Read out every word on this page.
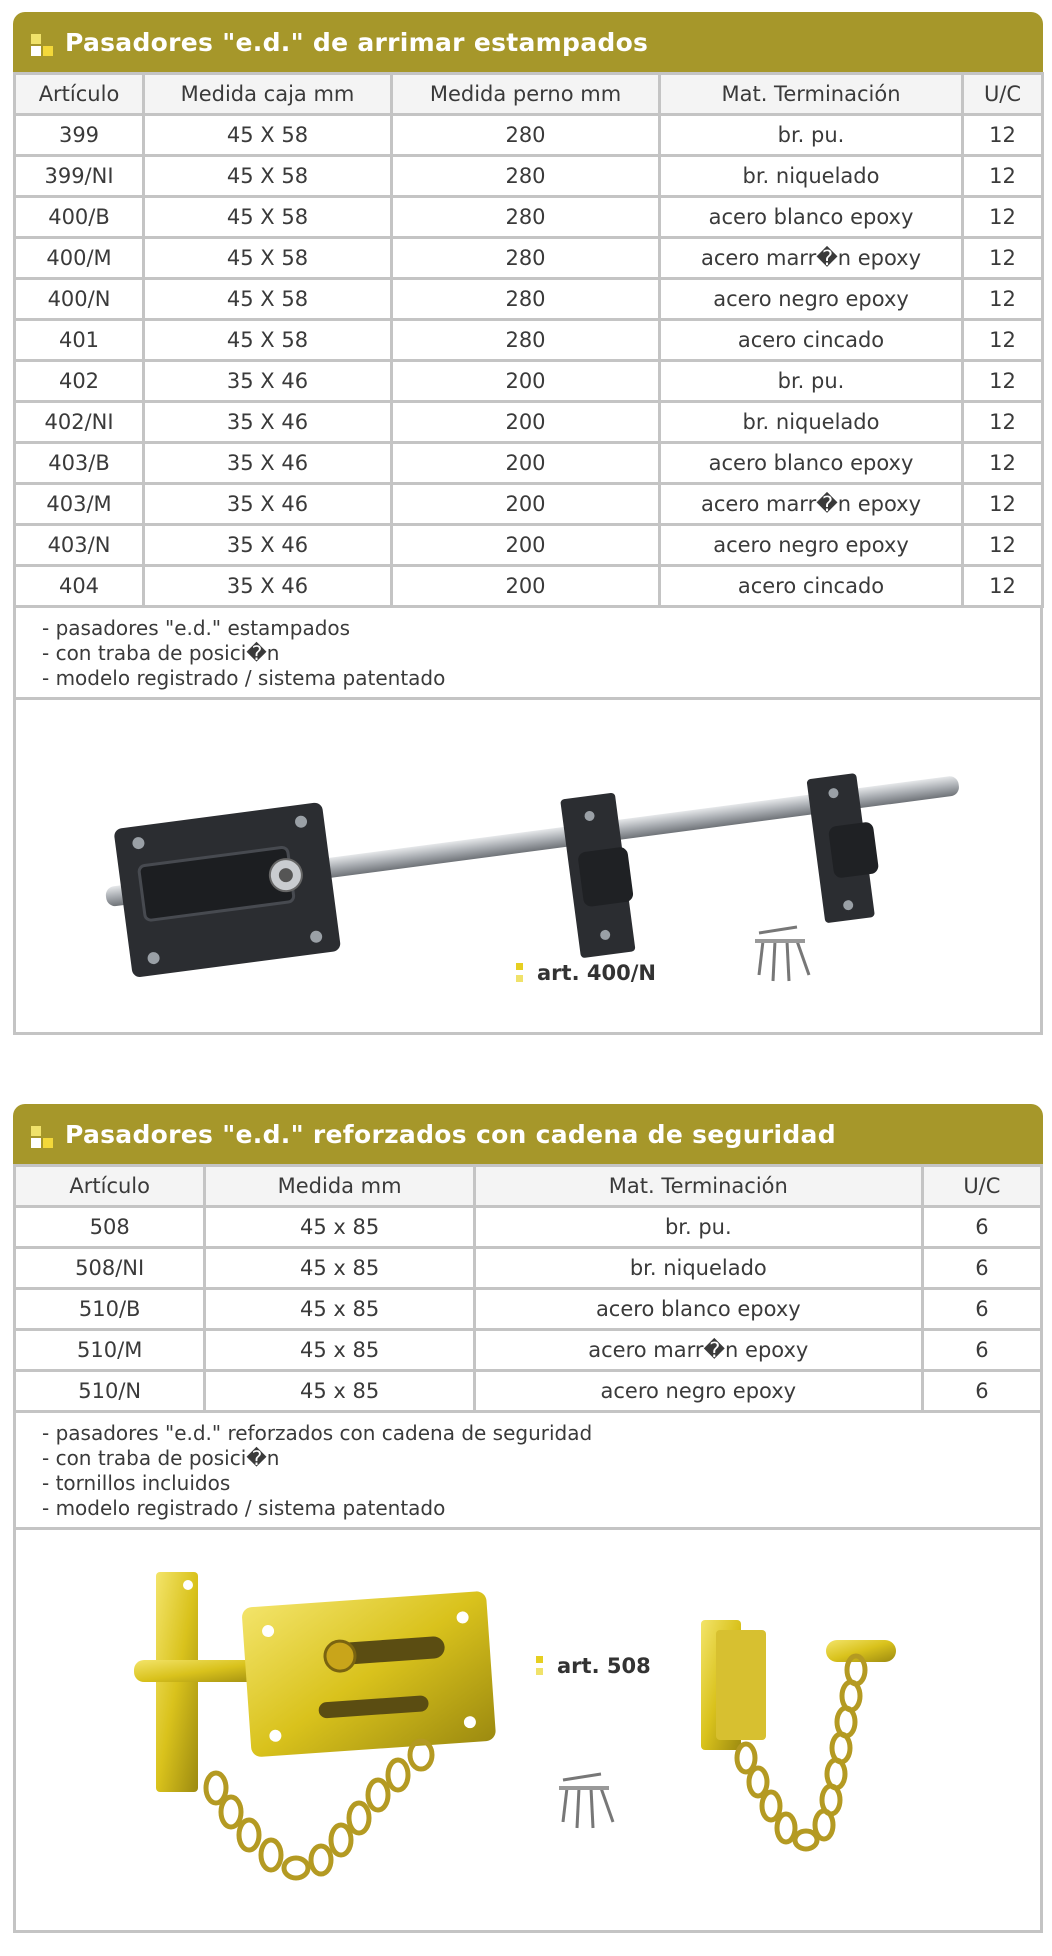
Pasadores "e.d." de arrimar estampados
Artículo	Medida caja mm	Medida perno mm	Mat. Terminación	U/C
399	45 X 58	280	br. pu.	12
399/NI	45 X 58	280	br. niquelado	12
400/B	45 X 58	280	acero blanco epoxy	12
400/M	45 X 58	280	acero marr�n epoxy	12
400/N	45 X 58	280	acero negro epoxy	12
401	45 X 58	280	acero cincado	12
402	35 X 46	200	br. pu.	12
402/NI	35 X 46	200	br. niquelado	12
403/B	35 X 46	200	acero blanco epoxy	12
403/M	35 X 46	200	acero marr�n epoxy	12
403/N	35 X 46	200	acero negro epoxy	12
404	35 X 46	200	acero cincado	12
- pasadores "e.d." estampados
- con traba de posici�n
- modelo registrado / sistema patentado
art. 400/N
Pasadores "e.d." reforzados con cadena de seguridad
Artículo	Medida mm	Mat. Terminación	U/C
508	45 x 85	br. pu.	6
508/NI	45 x 85	br. niquelado	6
510/B	45 x 85	acero blanco epoxy	6
510/M	45 x 85	acero marr�n epoxy	6
510/N	45 x 85	acero negro epoxy	6
- pasadores "e.d." reforzados con cadena de seguridad
- con traba de posici�n
- tornillos incluidos
- modelo registrado / sistema patentado
art. 508
